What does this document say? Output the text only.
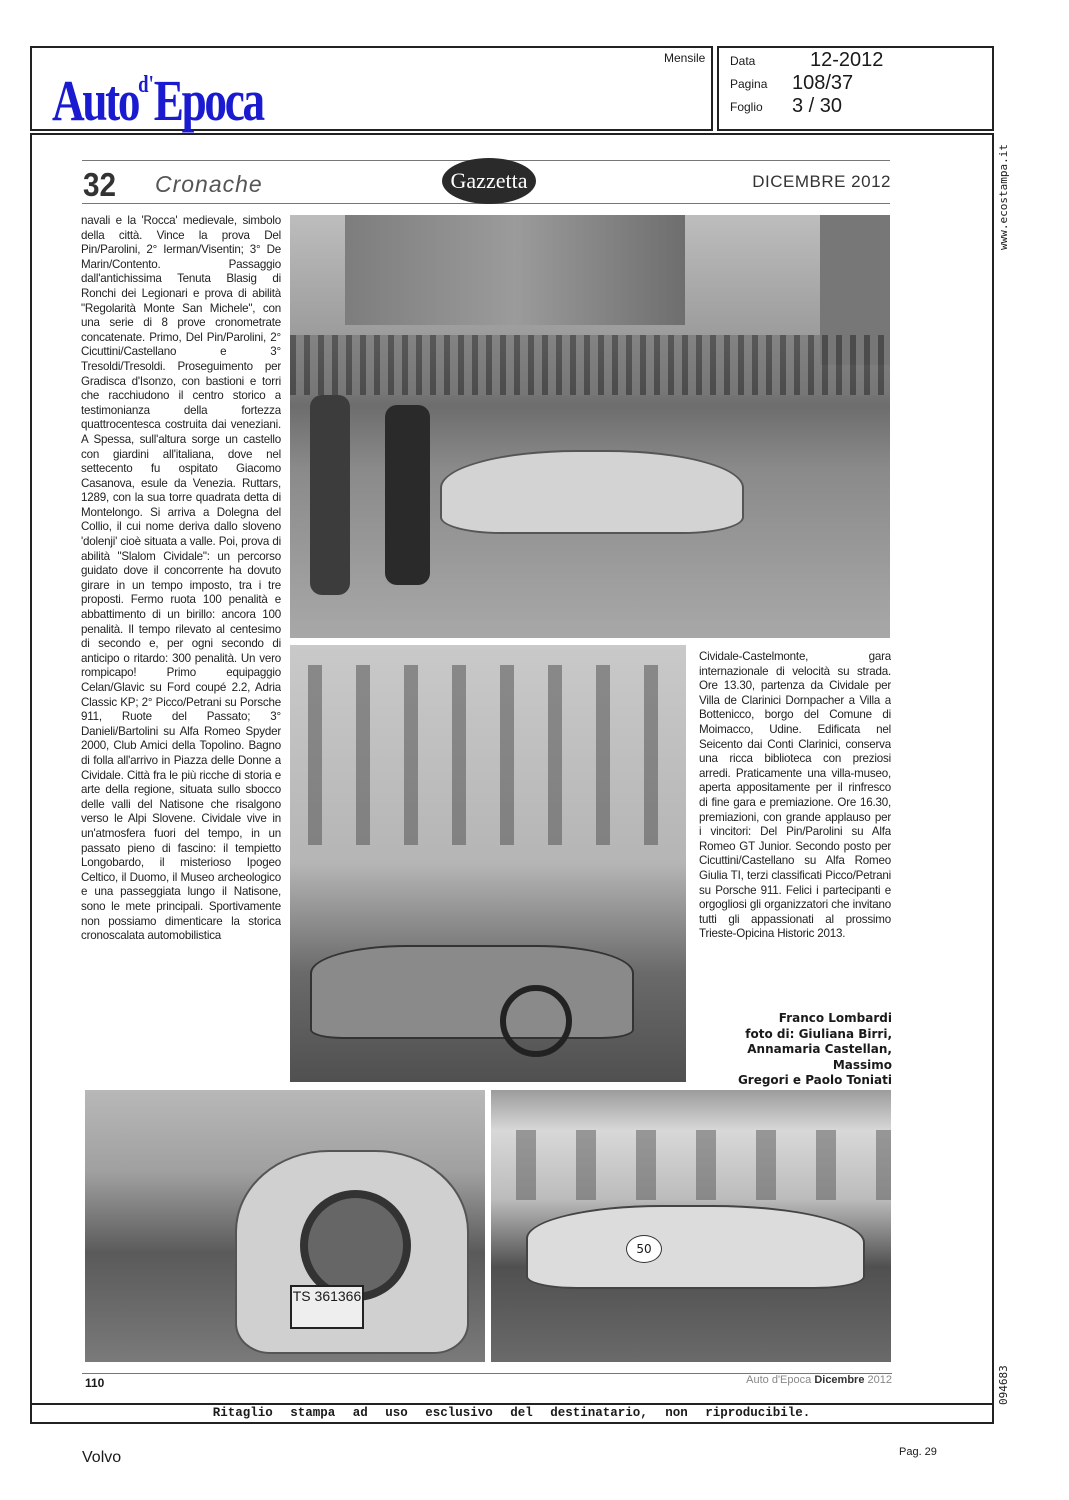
Auto$^{d'}$Epoca
Mensile Data	12-2012
Pagina 108/37
Foglio 3 / 30
www.ecostampa.it
094683
32 Cronache	Gazzetta	DICEMBRE 2012
navali e la 'Rocca' medievale, simbolo della città. Vince la prova Del Pin/Parolini, 2° Ierman/Visentin; 3° De Marin/Contento. Passaggio dall'antichissima Tenuta Blasig di Ronchi dei Legionari e prova di abilità "Regolarità Monte San Michele", con una serie di 8 prove cronometrate concatenate. Primo, Del Pin/Parolini, 2° Cicuttini/Castellano e 3° Tresoldi/Tresoldi. Proseguimento per Gradisca d'Isonzo, con bastioni e torri che racchiudono il centro storico a testimonianza della fortezza quattrocentesca costruita dai veneziani. A Spessa, sull'altura sorge un castello con giardini all'italiana, dove nel settecento fu ospitato Giacomo Casanova, esule da Venezia. Ruttars, 1289, con la sua torre quadrata detta di Montelongo. Si arriva a Dolegna del Collio, il cui nome deriva dallo sloveno 'dolenji' cioè situata a valle. Poi, prova di abilità "Slalom Cividale": un percorso guidato dove il concorrente ha dovuto girare in un tempo imposto, tra i tre proposti. Fermo ruota 100 penalità e abbattimento di un birillo: ancora 100 penalità. Il tempo rilevato al centesimo di secondo e, per ogni secondo di anticipo o ritardo: 300 penalità. Un vero rompicapo! Primo equipaggio Celan/Glavic su Ford coupé 2.2, Adria Classic KP; 2° Picco/Petrani su Porsche 911, Ruote del Passato; 3° Danieli/Bartolini su Alfa Romeo Spyder 2000, Club Amici della Topolino. Bagno di folla all'arrivo in Piazza delle Donne a Cividale. Città fra le più ricche di storia e arte della regione, situata sullo sbocco delle valli del Natisone che risalgono verso le Alpi Slovene. Cividale vive in un'atmosfera fuori del tempo, in un passato pieno di fascino: il tempietto Longobardo, il misterioso Ipogeo Celtico, il Duomo, il Museo archeologico e una passeggiata lungo il Natisone, sono le mete principali. Sportivamente non possiamo dimenticare la storica cronoscalata automobilistica
Cividale-Castelmonte, gara internazionale di velocità su strada. Ore 13.30, partenza da Cividale per Villa de Clarinici Dornpacher a Villa a Bottenicco, borgo del Comune di Moimacco, Udine. Edificata nel Seicento dai Conti Clarinici, conserva una ricca biblioteca con preziosi arredi. Praticamente una villa-museo, aperta appositamente per il rinfresco di fine gara e premiazione. Ore 16.30, premiazioni, con grande applauso per i vincitori: Del Pin/Parolini su Alfa Romeo GT Junior. Secondo posto per Cicuttini/Castellano su Alfa Romeo Giulia TI, terzi classificati Picco/Petrani su Porsche 911. Felici i partecipanti e orgogliosi gli organizzatori che invitano tutti gli appassionati al prossimo Trieste-Opicina Historic 2013.
Franco Lombardi
foto di: Giuliana Birri,
Annamaria Castellan, Massimo
Gregori e Paolo Toniati
TS 361366
50
110	Auto d'Epoca Dicembre 2012
Ritaglio stampa ad uso esclusivo del destinatario, non riproducibile.
Volvo	Pag. 29
